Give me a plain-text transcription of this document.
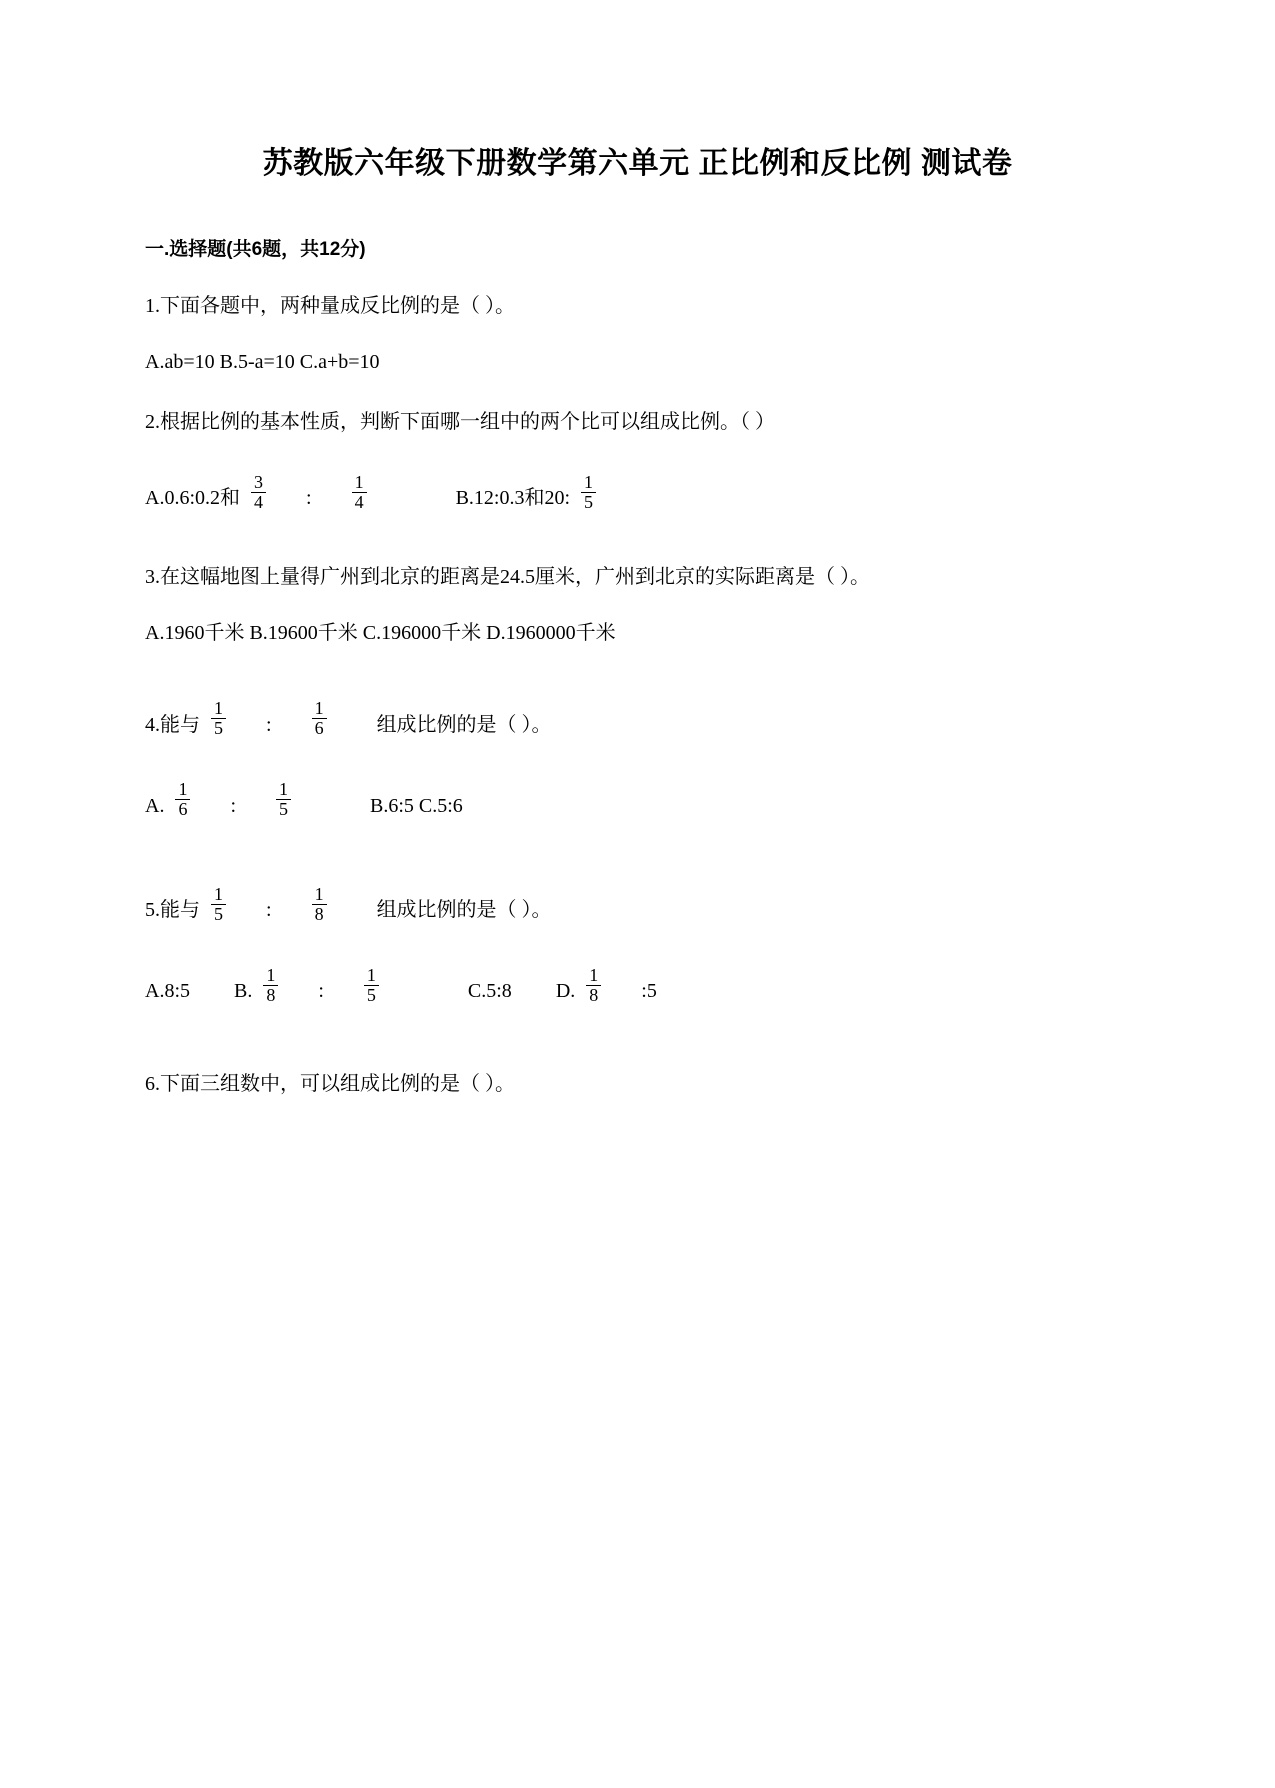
苏教版六年级下册数学第六单元 正比例和反比例 测试卷
一.选择题(共6题，共12分)
1.下面各题中，两种量成反比例的是（ ）。
A.ab=10 B.5-a=10 C.a+b=10
2.根据比例的基本性质，判断下面哪一组中的两个比可以组成比例。（ ）
A.0.6:0.2和 $\frac{3}{4}$ : $\frac{1}{4}$	B.12:0.3和20: $\frac{1}{5}$
3.在这幅地图上量得广州到北京的距离是24.5厘米，广州到北京的实际距离是（ ）。
A.1960千米 B.19600千米 C.196000千米 D.1960000千米
4.能与 $\frac{1}{5}$ : $\frac{1}{6}$	组成比例的是（ ）。
A. $\frac{1}{6}$ : $\frac{1}{5}$	B.6:5 C.5:6
5.能与 $\frac{1}{5}$ : $\frac{1}{8}$	组成比例的是（ ）。
A.8:5 B. $\frac{1}{8}$ : $\frac{1}{5}$	C.5:8 D. $\frac{1}{8}$ :5
6.下面三组数中，可以组成比例的是（ ）。
